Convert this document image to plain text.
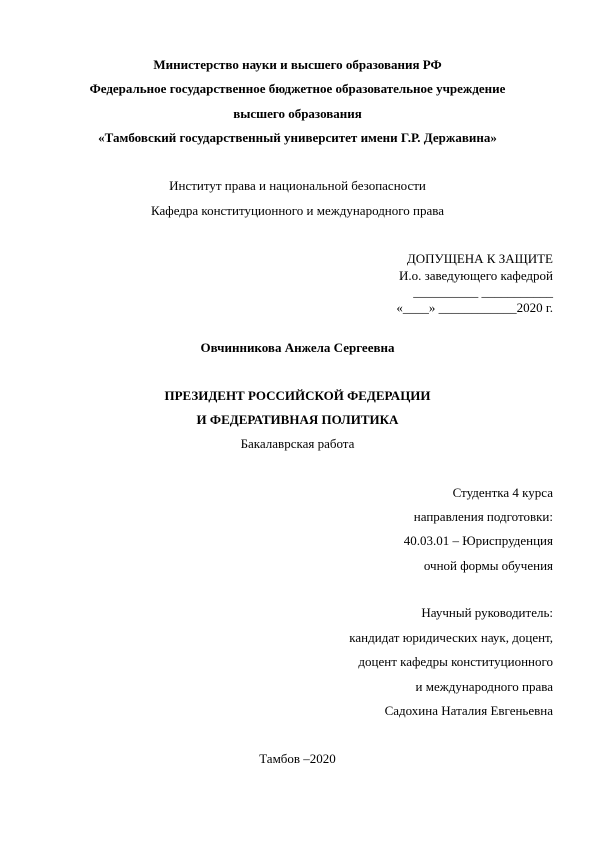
Министерство науки и высшего образования РФ
Федеральное государственное бюджетное образовательное учреждение
высшего образования
«Тамбовский государственный университет имени Г.Р. Державина»
Институт права и национальной безопасности
Кафедра конституционного и международного права
ДОПУЩЕНА К ЗАЩИТЕ
И.о. заведующего кафедрой
__________ ___________
«____» ____________2020 г.
Овчинникова Анжела Сергеевна
ПРЕЗИДЕНТ РОССИЙСКОЙ ФЕДЕРАЦИИ
И ФЕДЕРАТИВНАЯ ПОЛИТИКА
Бакалаврская работа
Студентка 4 курса
направления подготовки:
40.03.01 – Юриспруденция
очной формы обучения
Научный руководитель:
кандидат юридических наук, доцент,
доцент кафедры конституционного
и международного права
Садохина Наталия Евгеньевна
Тамбов –2020
